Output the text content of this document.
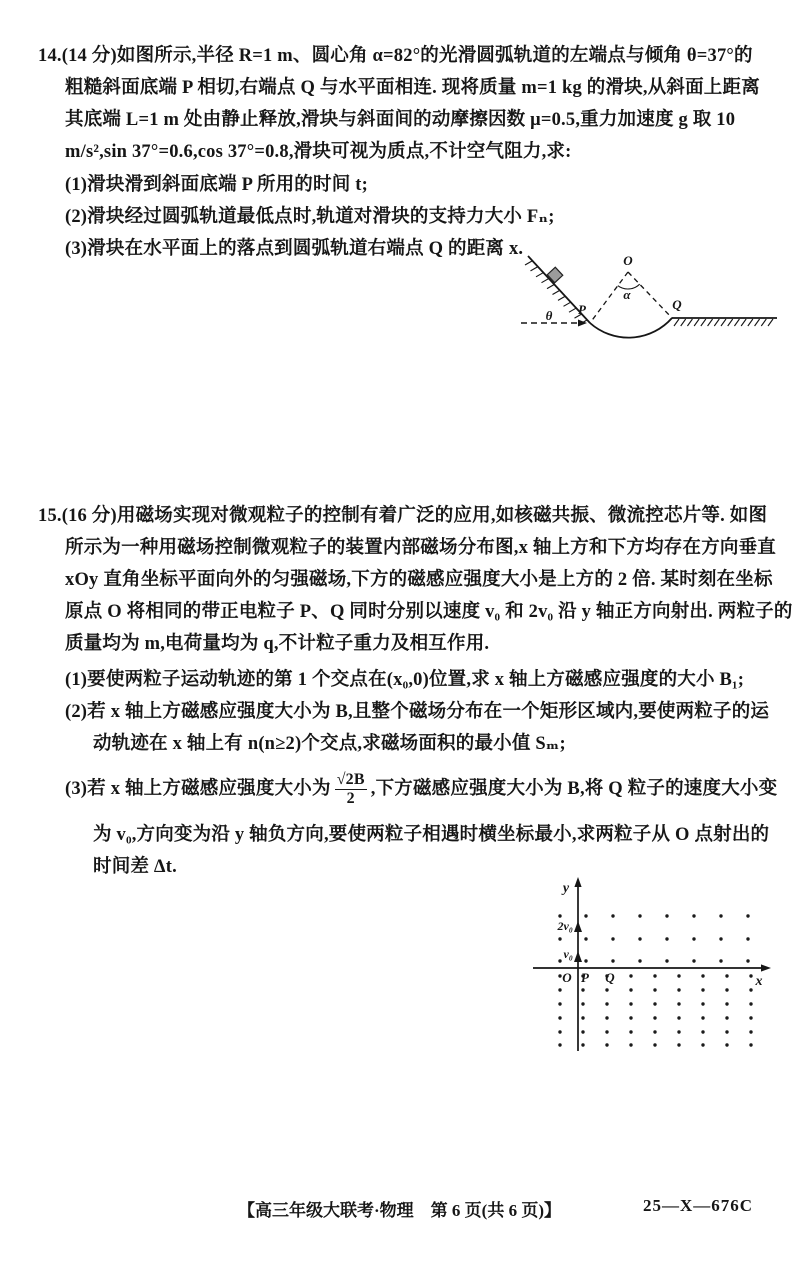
14.(14 分)如图所示,半径 R=1 m、圆心角 α=82°的光滑圆弧轨道的左端点与倾角 θ=37°的
粗糙斜面底端 P 相切,右端点 Q 与水平面相连. 现将质量 m=1 kg 的滑块,从斜面上距离
其底端 L=1 m 处由静止释放,滑块与斜面间的动摩擦因数 μ=0.5,重力加速度 g 取 10
m/s²,sin 37°=0.6,cos 37°=0.8,滑块可视为质点,不计空气阻力,求:
(1)滑块滑到斜面底端 P 所用的时间 t;
(2)滑块经过圆弧轨道最低点时,轨道对滑块的支持力大小 Fₙ;
(3)滑块在水平面上的落点到圆弧轨道右端点 Q 的距离 x.
θ
O
α
P	Q
15.(16 分)用磁场实现对微观粒子的控制有着广泛的应用,如核磁共振、微流控芯片等. 如图
所示为一种用磁场控制微观粒子的装置内部磁场分布图,x 轴上方和下方均存在方向垂直
xOy 直角坐标平面向外的匀强磁场,下方的磁感应强度大小是上方的 2 倍. 某时刻在坐标
原点 O 将相同的带正电粒子 P、Q 同时分别以速度 v₀ 和 2v₀ 沿 y 轴正方向射出. 两粒子的
质量均为 m,电荷量均为 q,不计粒子重力及相互作用.
(1)要使两粒子运动轨迹的第 1 个交点在(x₀,0)位置,求 x 轴上方磁感应强度的大小 B₁;
(2)若 x 轴上方磁感应强度大小为 B,且整个磁场分布在一个矩形区域内,要使两粒子的运
动轨迹在 x 轴上有 n(n≥2)个交点,求磁场面积的最小值 Sₘ;
(3)若 x 轴上方磁感应强度大小为 $\frac{√2B}{2}$ ,下方磁感应强度大小为 B,将 Q 粒子的速度大小变
为 v₀,方向变为沿 y 轴负方向,要使两粒子相遇时横坐标最小,求两粒子从 O 点射出的
时间差 Δt.
y
x
O P Q
v₀
2v₀
【高三年级大联考·物理　第 6 页(共 6 页)】	25—X—676C
